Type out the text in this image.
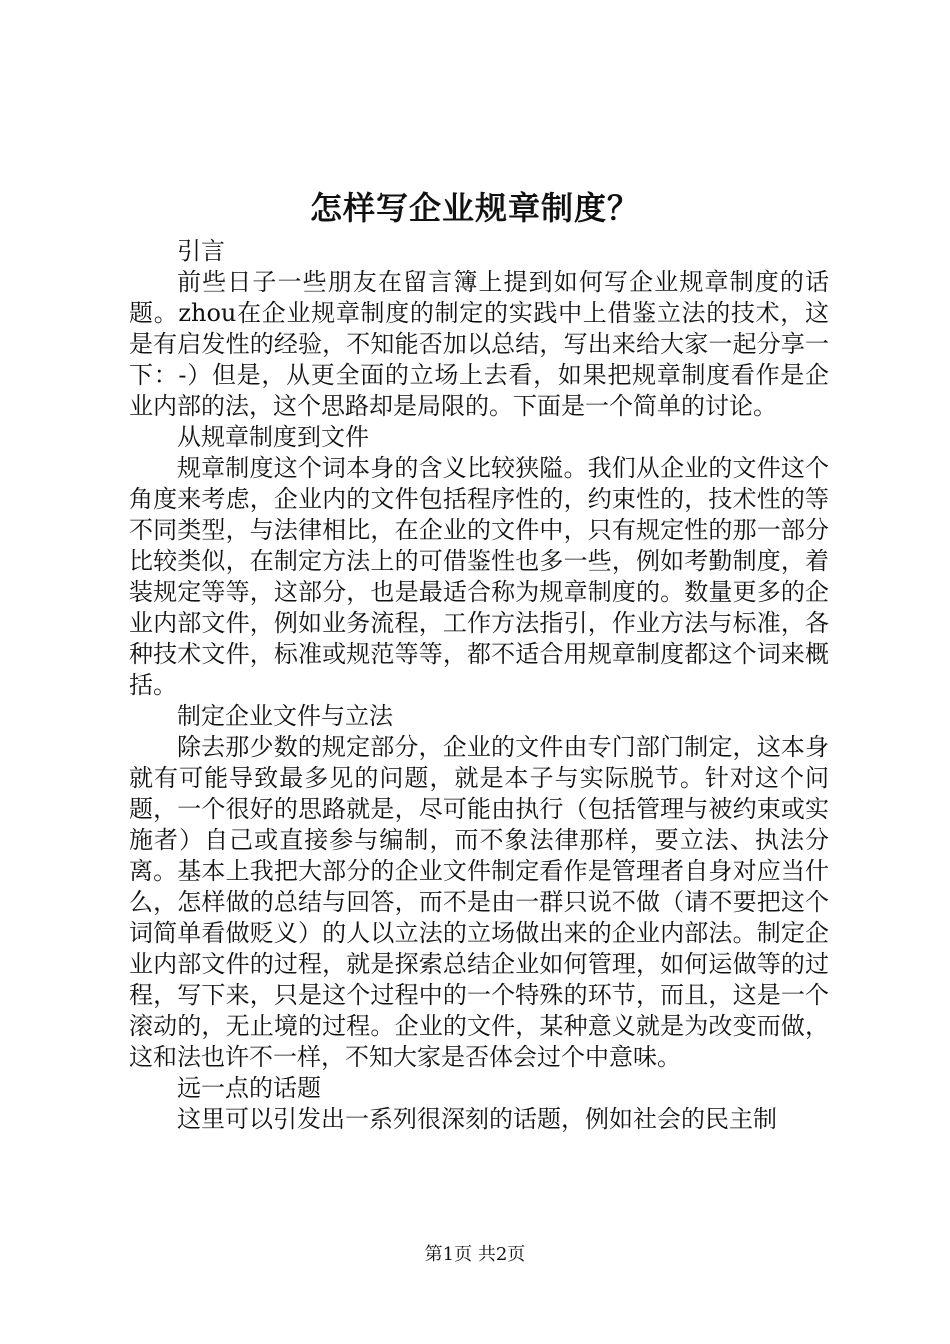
怎样写企业规章制度？

引言

前些日子一些朋友在留言簿上提到如何写企业规章制度的话题。zhou在企业规章制度的制定的实践中上借鉴立法的技术，这是有启发性的经验，不知能否加以总结，写出来给大家一起分享一下：-）但是，从更全面的立场上去看，如果把规章制度看作是企业内部的法，这个思路却是局限的。下面是一个简单的讨论。

从规章制度到文件

规章制度这个词本身的含义比较狭隘。我们从企业的文件这个角度来考虑，企业内的文件包括程序性的，约束性的，技术性的等不同类型，与法律相比，在企业的文件中，只有规定性的那一部分比较类似，在制定方法上的可借鉴性也多一些，例如考勤制度，着装规定等等，这部分，也是最适合称为规章制度的。数量更多的企业内部文件，例如业务流程，工作方法指引，作业方法与标准，各种技术文件，标准或规范等等，都不适合用规章制度都这个词来概括。

制定企业文件与立法

除去那少数的规定部分，企业的文件由专门部门制定，这本身就有可能导致最多见的问题，就是本子与实际脱节。针对这个问题，一个很好的思路就是，尽可能由执行（包括管理与被约束或实施者）自己或直接参与编制，而不象法律那样，要立法、执法分离。基本上我把大部分的企业文件制定看作是管理者自身对应当什么，怎样做的总结与回答，而不是由一群只说不做（请不要把这个词简单看做贬义）的人以立法的立场做出来的企业内部法。制定企业内部文件的过程，就是探索总结企业如何管理，如何运做等的过程，写下来，只是这个过程中的一个特殊的环节，而且，这是一个滚动的，无止境的过程。企业的文件，某种意义就是为改变而做，这和法也许不一样，不知大家是否体会过个中意味。

远一点的话题

这里可以引发出一系列很深刻的话题，例如社会的民主制

第1页 共2页
